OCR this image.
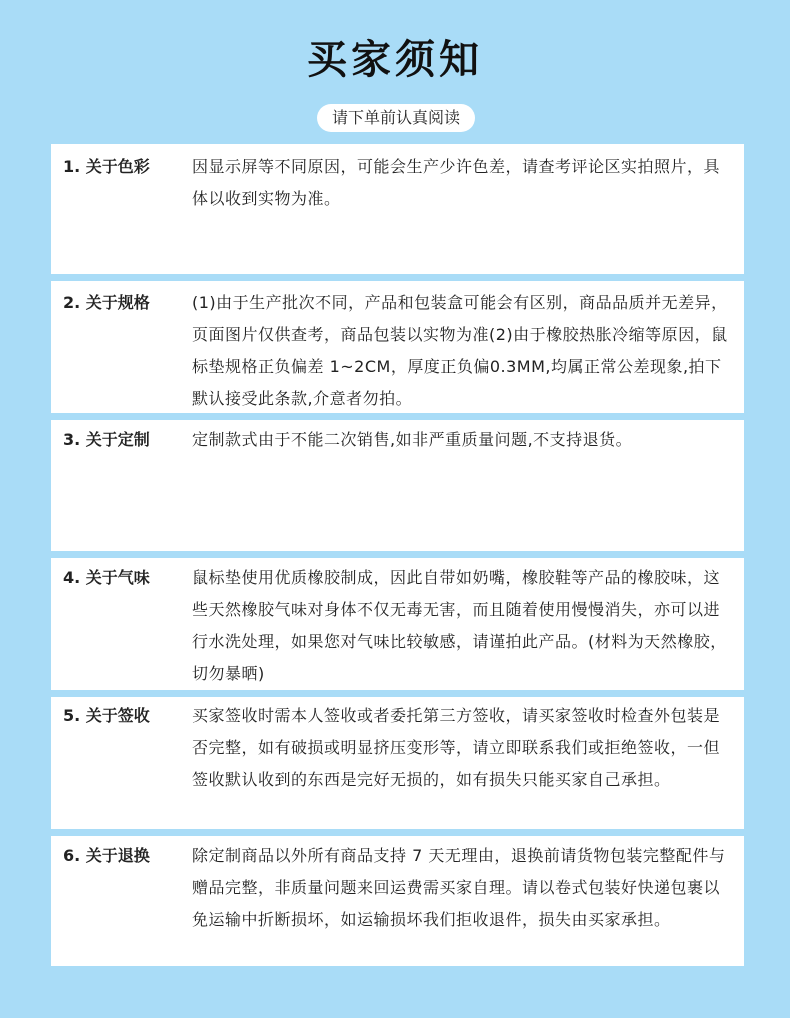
买家须知
请下单前认真阅读
1. 关于色彩	因显示屏等不同原因，可能会生产少许色差，请查考评论区实拍照片，具体以收到实物为准。
2. 关于规格	(1)由于生产批次不同，产品和包装盒可能会有区别，商品品质并无差异，页面图片仅供查考，商品包装以实物为准(2)由于橡胶热胀冷缩等原因，鼠标垫规格正负偏差 1~2CM，厚度正负偏0.3MM,均属正常公差现象,拍下默认接受此条款,介意者勿拍。
3. 关于定制	定制款式由于不能二次销售,如非严重质量问题,不支持退货。
4. 关于气味	鼠标垫使用优质橡胶制成，因此自带如奶嘴，橡胶鞋等产品的橡胶味，这些天然橡胶气味对身体不仅无毒无害，而且随着使用慢慢消失，亦可以进行水洗处理，如果您对气味比较敏感，请谨拍此产品。(材料为天然橡胶，切勿暴晒)
5. 关于签收	买家签收时需本人签收或者委托第三方签收，请买家签收时检查外包装是否完整，如有破损或明显挤压变形等，请立即联系我们或拒绝签收，一但签收默认收到的东西是完好无损的，如有损失只能买家自己承担。
6. 关于退换	除定制商品以外所有商品支持 7 天无理由，退换前请货物包装完整配件与赠品完整，非质量问题来回运费需买家自理。请以卷式包装好快递包裹以免运输中折断损坏，如运输损坏我们拒收退件，损失由买家承担。
